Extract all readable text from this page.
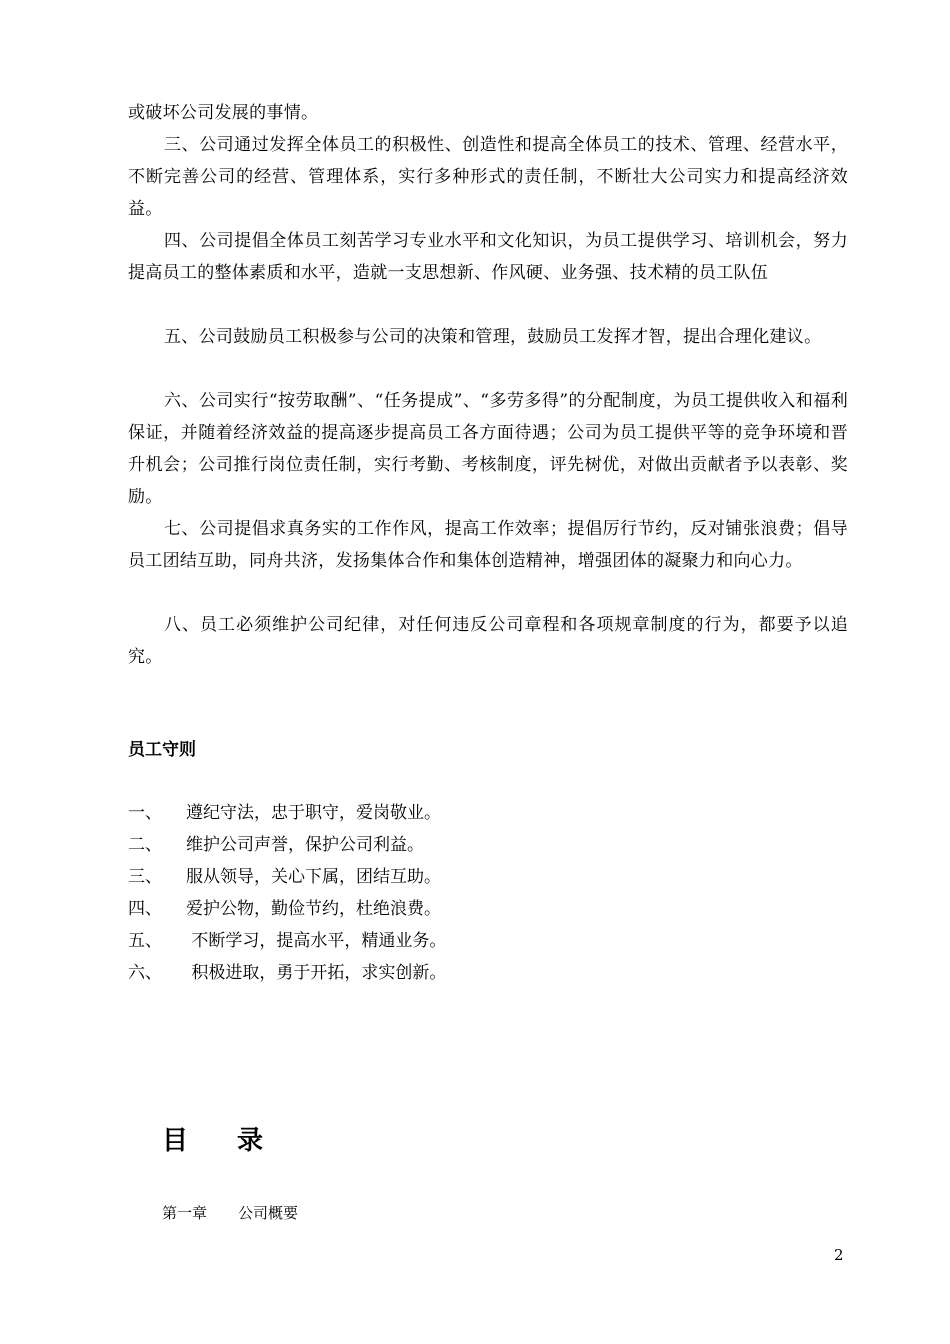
或破坏公司发展的事情。

三、公司通过发挥全体员工的积极性、创造性和提高全体员工的技术、管理、经营水平，不断完善公司的经营、管理体系，实行多种形式的责任制，不断壮大公司实力和提高经济效益。

四、公司提倡全体员工刻苦学习专业水平和文化知识，为员工提供学习、培训机会，努力提高员工的整体素质和水平，造就一支思想新、作风硬、业务强、技术精的员工队伍

五、公司鼓励员工积极参与公司的决策和管理，鼓励员工发挥才智，提出合理化建议。

六、公司实行“按劳取酬”、“任务提成”、“多劳多得”的分配制度，为员工提供收入和福利保证，并随着经济效益的提高逐步提高员工各方面待遇；公司为员工提供平等的竞争环境和晋升机会；公司推行岗位责任制，实行考勤、考核制度，评先树优，对做出贡献者予以表彰、奖励。

七、公司提倡求真务实的工作作风，提高工作效率；提倡厉行节约，反对铺张浪费；倡导员工团结互助，同舟共济，发扬集体合作和集体创造精神，增强团体的凝聚力和向心力。

八、员工必须维护公司纪律，对任何违反公司章程和各项规章制度的行为，都要予以追究。

员工守则
一、 遵纪守法，忠于职守，爱岗敬业。
二、 维护公司声誉，保护公司利益。
三、 服从领导，关心下属，团结互助。
四、 爱护公物，勤俭节约，杜绝浪费。
五、 不断学习，提高水平，精通业务。
六、 积极进取，勇于开拓，求实创新。
目 录
第一章 公司概要
2
